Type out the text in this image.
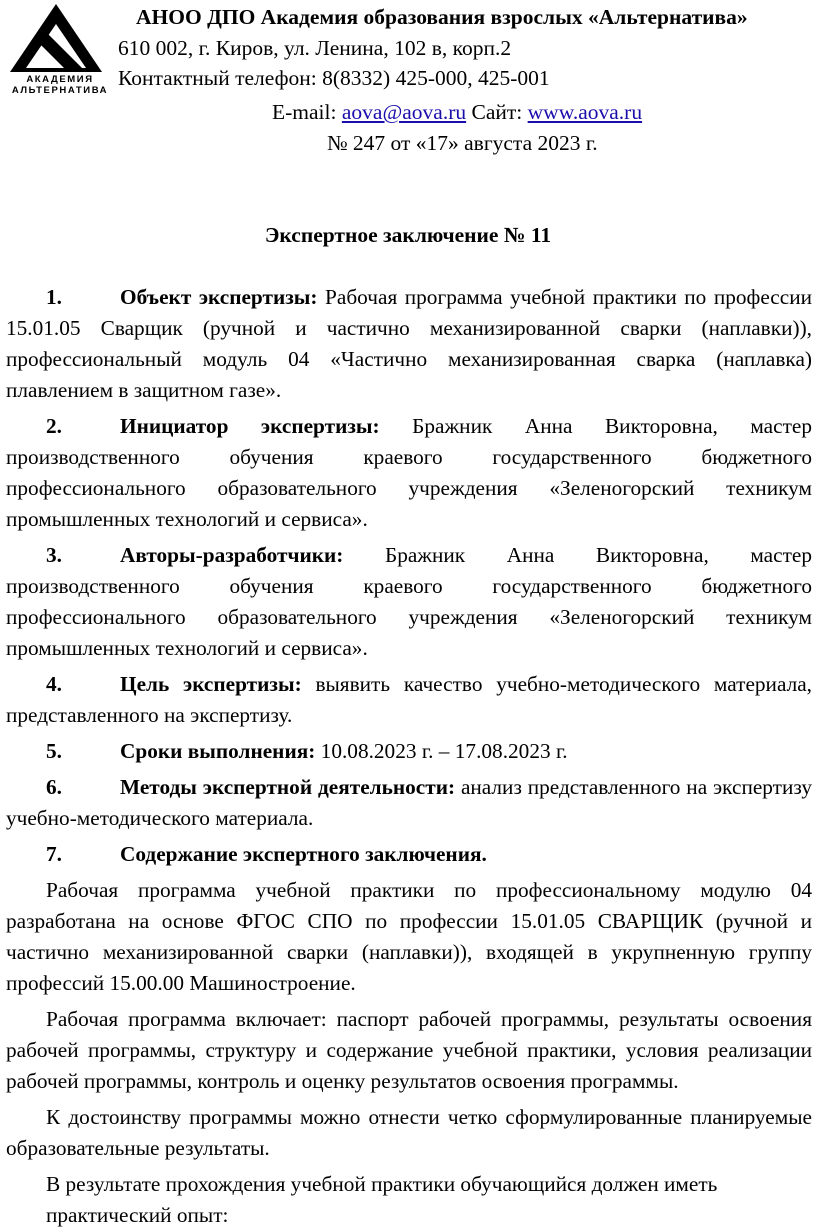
АКАДЕМИЯ
АЛЬТЕРНАТИВА
АНОО ДПО Академия образования взрослых «Альтернатива»
610 002, г. Киров, ул. Ленина, 102 в, корп.2
Контактный телефон: 8(8332) 425-000, 425-001
E-mail: aova@aova.ru Сайт: www.aova.ru
№ 247 от «17» августа 2023 г.
Экспертное заключение № 11

1.	Объект экспертизы: Рабочая программа учебной практики по профессии 15.01.05 Сварщик (ручной и частично механизированной сварки (наплавки)), профессиональный модуль 04 «Частично механизированная сварка (наплавка) плавлением в защитном газе».

2.	Инициатор экспертизы: Бражник Анна Викторовна, мастер производственного обучения краевого государственного бюджетного профессионального образовательного учреждения «Зеленогорский техникум промышленных технологий и сервиса».

3.	Авторы-разработчики: Бражник Анна Викторовна, мастер производственного обучения краевого государственного бюджетного профессионального образовательного учреждения «Зеленогорский техникум промышленных технологий и сервиса».

4.	Цель экспертизы: выявить качество учебно-методического материала, представленного на экспертизу.

5.	Сроки выполнения: 10.08.2023 г. – 17.08.2023 г.

6.	Методы экспертной деятельности: анализ представленного на экспертизу учебно-методического материала.

7.	Содержание экспертного заключения.

Рабочая программа учебной практики по профессиональному модулю 04 разработана на основе ФГОС СПО по профессии 15.01.05 СВАРЩИК (ручной и частично механизированной сварки (наплавки)), входящей в укрупненную группу профессий 15.00.00 Машиностроение.

Рабочая программа включает: паспорт рабочей программы, результаты освоения рабочей программы, структуру и содержание учебной практики, условия реализации рабочей программы, контроль и оценку результатов освоения программы.

К достоинству программы можно отнести четко сформулированные планируемые образовательные результаты.

В результате прохождения учебной практики обучающийся должен иметь
практический опыт:
